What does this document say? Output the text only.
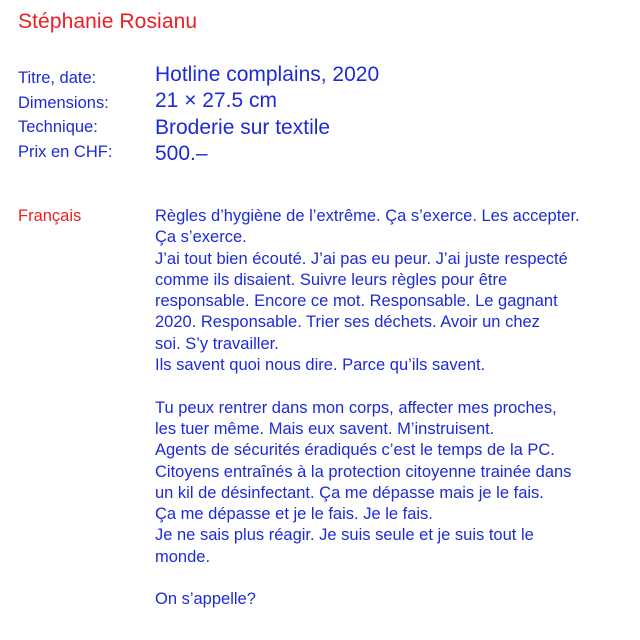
Stéphanie Rosianu
Titre, date:
Dimensions:
Technique:
Prix en CHF:
Hotline complains, 2020
21 × 27.5 cm
Broderie sur textile
500.–
Français	Règles d’hygiène de l’extrême. Ça s’exerce. Les accepter.
Ça s’exerce.
J’ai tout bien écouté. J’ai pas eu peur. J’ai juste respecté
comme ils disaient. Suivre leurs règles pour être
responsable. Encore ce mot. Responsable. Le gagnant
2020. Responsable. Trier ses déchets. Avoir un chez
soi. S’y travailler.
Ils savent quoi nous dire. Parce qu’ils savent.

Tu peux rentrer dans mon corps, affecter mes proches,
les tuer même. Mais eux savent. M’instruisent.
Agents de sécurités éradiqués c’est le temps de la PC.
Citoyens entraînés à la protection citoyenne trainée dans
un kil de désinfectant. Ça me dépasse mais je le fais.
Ça me dépasse et je le fais. Je le fais.
Je ne sais plus réagir. Je suis seule et je suis tout le
monde.

On s’appelle?
